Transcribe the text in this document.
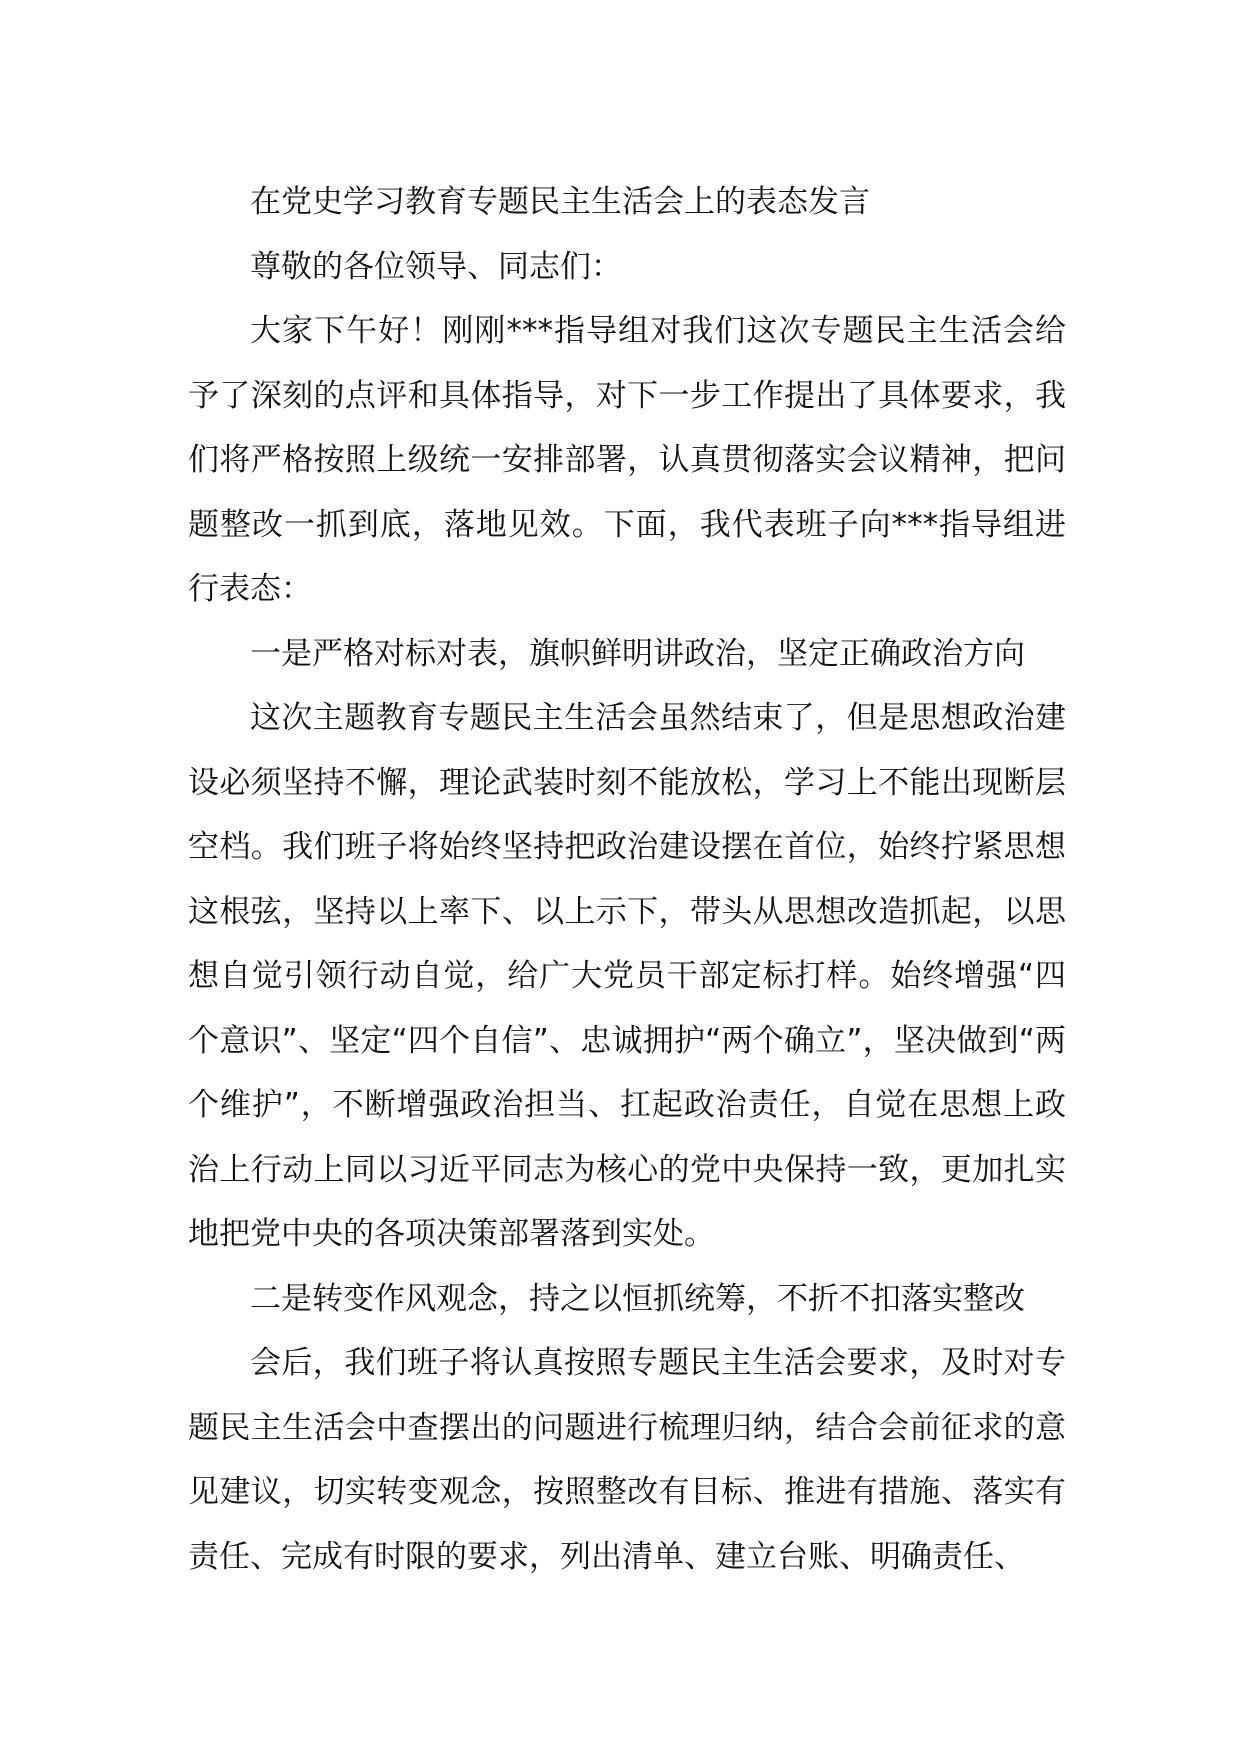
在党史学习教育专题民主生活会上的表态发言

尊敬的各位领导、同志们：

大家下午好！刚刚***指导组对我们这次专题民主生活会给予了深刻的点评和具体指导，对下一步工作提出了具体要求，我们将严格按照上级统一安排部署，认真贯彻落实会议精神，把问题整改一抓到底，落地见效。下面，我代表班子向***指导组进行表态：

一是严格对标对表，旗帜鲜明讲政治，坚定正确政治方向

这次主题教育专题民主生活会虽然结束了，但是思想政治建设必须坚持不懈，理论武装时刻不能放松，学习上不能出现断层空档。我们班子将始终坚持把政治建设摆在首位，始终拧紧思想这根弦，坚持以上率下、以上示下，带头从思想改造抓起，以思想自觉引领行动自觉，给广大党员干部定标打样。始终增强“四个意识”、坚定“四个自信”、忠诚拥护“两个确立”，坚决做到“两个维护”，不断增强政治担当、扛起政治责任，自觉在思想上政治上行动上同以习近平同志为核心的党中央保持一致，更加扎实地把党中央的各项决策部署落到实处。

二是转变作风观念，持之以恒抓统筹，不折不扣落实整改

会后，我们班子将认真按照专题民主生活会要求，及时对专题民主生活会中查摆出的问题进行梳理归纳，结合会前征求的意见建议，切实转变观念，按照整改有目标、推进有措施、落实有责任、完成有时限的要求，列出清单、建立台账、明确责任、
